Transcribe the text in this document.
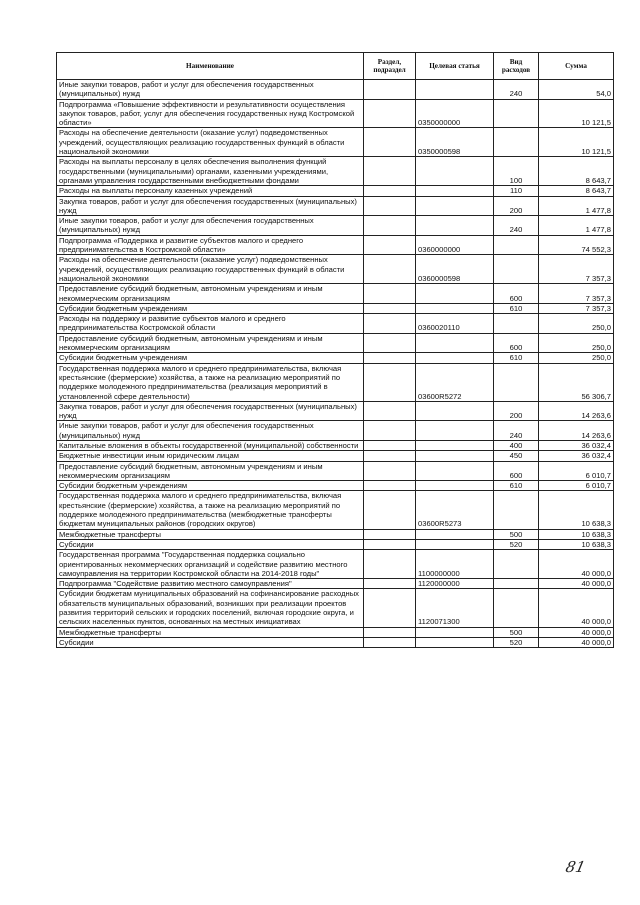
Наименование	Раздел, подраздел	Целевая статья	Вид расходов	Сумма
Иные закупки товаров, работ и услуг для обеспечения государственных (муниципальных) нужд			240	54,0
Подпрограмма «Повышение эффективности и результативности осуществления закупок товаров, работ, услуг для обеспечения государственных нужд Костромской области»		0350000000		10 121,5
Расходы на обеспечение деятельности (оказание услуг) подведомственных учреждений, осуществляющих реализацию государственных функций в области национальной экономики		0350000598		10 121,5
Расходы на выплаты персоналу в целях обеспечения выполнения функций государственными (муниципальными) органами, казенными учреждениями, органами управления государственными внебюджетными фондами			100	8 643,7
Расходы на выплаты персоналу казенных учреждений			110	8 643,7
Закупка товаров, работ и услуг для обеспечения государственных (муниципальных) нужд			200	1 477,8
Иные закупки товаров, работ и услуг для обеспечения государственных (муниципальных) нужд			240	1 477,8
Подпрограмма «Поддержка и развитие субъектов малого и среднего предпринимательства в Костромской области»		0360000000		74 552,3
Расходы на обеспечение деятельности (оказание услуг) подведомственных учреждений, осуществляющих реализацию государственных функций в области национальной экономики		0360000598		7 357,3
Предоставление субсидий бюджетным, автономным учреждениям и иным некоммерческим организациям			600	7 357,3
Субсидии бюджетным учреждениям			610	7 357,3
Расходы на поддержку и развитие субъектов малого и среднего предпринимательства Костромской области		0360020110		250,0
Предоставление субсидий бюджетным, автономным учреждениям и иным некоммерческим организациям			600	250,0
Субсидии бюджетным учреждениям			610	250,0
Государственная поддержка малого и среднего предпринимательства, включая крестьянские (фермерские) хозяйства, а также на реализацию мероприятий по поддержке молодежного предпринимательства (реализация мероприятий в установленной сфере деятельности)		03600R5272		56 306,7
Закупка товаров, работ и услуг для обеспечения государственных (муниципальных) нужд			200	14 263,6
Иные закупки товаров, работ и услуг для обеспечения государственных (муниципальных) нужд			240	14 263,6
Капитальные вложения в объекты государственной (муниципальной) собственности			400	36 032,4
Бюджетные инвестиции иным юридическим лицам			450	36 032,4
Предоставление субсидий бюджетным, автономным учреждениям и иным некоммерческим организациям			600	6 010,7
Субсидии бюджетным учреждениям			610	6 010,7
Государственная поддержка малого и среднего предпринимательства, включая крестьянские (фермерские) хозяйства, а также на реализацию мероприятий по поддержке молодежного предпринимательства (межбюджетные трансферты бюджетам муниципальных районов (городских округов)		03600R5273		10 638,3
Межбюджетные трансферты			500	10 638,3
Субсидии			520	10 638,3
Государственная программа "Государственная поддержка социально ориентированных некоммерческих организаций и содействие развитию местного самоуправления на территории Костромской области на 2014-2018 годы"		1100000000		40 000,0
Подпрограмма "Содействие развитию местного самоуправления"		1120000000		40 000,0
Субсидии бюджетам муниципальных образований на софинансирование расходных обязательств муниципальных образований, возникших при реализации проектов развития территорий сельских и городских поселений, включая городские округа, и сельских населенных пунктов, основанных на местных инициативах		1120071300		40 000,0
Межбюджетные трансферты			500	40 000,0
Субсидии			520	40 000,0
81
